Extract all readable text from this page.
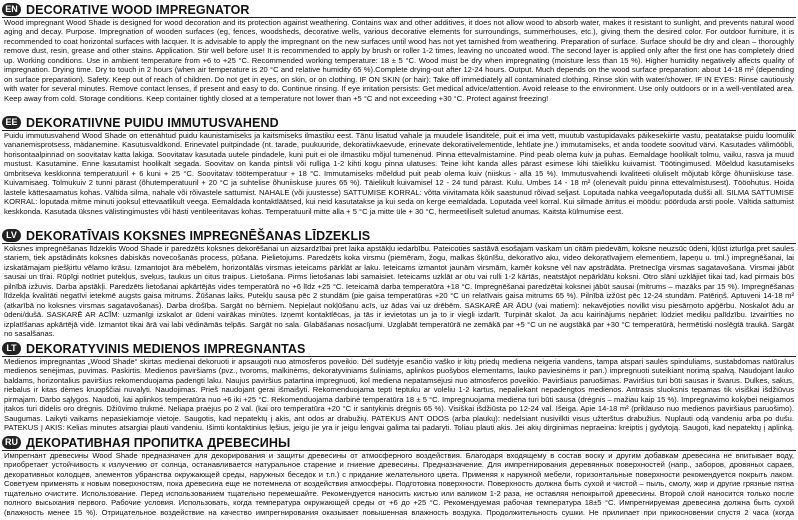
EN DECORATIVE WOOD IMPREGNATOR
Wood impregnant Wood Shade is designed for wood decoration and its protection against weathering. Contains wax and other additives, it does not allow wood to absorb water, makes it resistant to sunlight, and prevents natural wood aging and decay. Purpose. Impregnation of wooden surfaces (eg, fences, woodsheds, decorative wells, various decorative elements for surroundings, summerhouses, etc.), giving them the desired color. For outdoor furniture, it is recommended to coat horizontal surfaces with lacquer. It is advisable to apply the impregnant on the new surfaces until wood has not yet tarnished from weathering. Preparation of surface. Surface should be dry and clean – thoroughly remove dust, resin, grease and other stains. Application. Stir well before use! It is recommended to apply by brush or roller 1-2 times, leaving no uncoated wood. The second layer is applied only after the first one has completely dried up. Working conditions. Use in ambient temperature from +6 to +25 °C. Recommended working temperature: 18 ± 5 °C. Wood must be dry when impregnating (moisture less than 15 %). Higher humidity negatively affects quality of impregnation. Drying time. Dry to touch in 2 hours (when air temperature is 20 °C and relative humidity 65 %).Complete drying-out after 12-24 hours. Output. Much depends on the wood surface preparation: about 14-18 m² (depending on surface preparation). Safety. Keep out of reach of children. Do not get in eyes, on skin, or on clothing. IF ON SKIN (or hair): Take off immediately all contaminated clothing. Rinse skin with water/shower. IF IN EYES: Rinse cautiously with water for several minutes. Remove contact lenses, if present and easy to do. Continue rinsing. If eye irritation persists: Get medical advice/attention. Avoid release to the environment. Use only outdoors or in a well-ventilated area. Keep away from cold. Storage conditions. Keep container tightly closed at a temperature not lower than +5 °C and not exceeding +30 °C. Protect against freezing!
EE DEKORATIIVNE PUIDU IMMUTUSVAHEND
Puidu immutusvahend Wood Shade on ettenähtud puidu kaunistamiseks ja kaitsmiseks ilmastiku eest. Tänu lisatud vahale ja muudele lisanditele, puit ei ima vett, muutub vastupidavaks päikesekiirte vastu, peatatakse puidu loomulik vananemisprotsess, mädanemine. Kasutusvaldkond. Erinevatel puitpindade (nt. tarade, puukuuride, dekoratiivkaevude, erinevate dekoratiivelementide, lehtlate jne.) immutamiseks, et anda toodete soovitud värvi. Kasutades välimööbli, horisontaalpinnad on soovitatav katta lakiga. Soovitatav kasutada uutele pindadele, kuni puit ei ole ilmastiku mõjul tumenenud. Pinna ettevalmistamine. Pind peab olema kuiv ja puhas. Eemaldage hoolikalt tolmu, vaiku, rasva ja muud mustust. Kasutamine. Enne kasutamist hoolikalt segada. Soovitav on kanda pintsli või rulliga 1-2 kihti kogu pinna ulatuses. Teine kiht kanda alles pärast esimese kihi täielikku kuivamist. Töötingimused. Mõeldud kasutamiseks ümbritseva keskkonna temperatuuril + 6 kuni + 25 °C. Soovitatav töötemperatuur + 18 °C. Immutamiseks mõeldud puit peab olema kuiv (niiskus - alla 15 %). Immutusvahendi kvaliteeti oluliselt mõjutab kõrge õhuniiskuse tase. Kuivamisaeg. Tolmukuiv 2 tunni pärast (õhutemperatuuril + 20 °C ja suhtelise õhuniiskuse juures 65 %). Täielikult kuivamisel 12 - 24 tund pärast. Kulu. Umbes 14 - 18 m² (olenevalt puidu pinna ettevalmistusest). Tööohutus. Hoida lastele kättesaamatus kohas. Vältida silma, nahale või rõivastele sattumist. NAHALE (või juustesse) SATTUMISE KORRAL: võtta viivitamata kõik saastunud rõivad seljast. Loputada nahka veega/loputada dušši all. SILMA SATTUMISE KORRAL: loputada mitme minuti jooksul ettevaatlikult veega. Eemaldada kontaktläätsed, kui neid kasutatakse ja kui seda on kerge eemaldada. Loputada veel korral. Kui silmade ärritus ei möödu: pöörduda arsti poole. Vältida sattumist keskkonda. Kasutada üksnes välistingimustes või hästi ventileeritavas kohas. Temperatuuril mitte alla + 5 °C ja mitte üle + 30 °C, hermeetiliselt suletud anumas. Kaitsta külmumise eest.
LV DEKORATĪVAIS KOKSNES IMPREGNĒŠANAS LĪDZEKLIS
Koksnes impregnēšanas līdzeklis Wood Shade ir paredzēts koksnes dekorēšanai un aizsardzībai pret laika apstākļu iedarbību. Pateicoties sastāvā esošajam vaskam un citām piedevām, koksne neuzsūc ūdeni, kļūst izturīga pret saules stariem, tiek apstādināts koksnes dabiskās novecošanās process, pūšana. Pielietojums. Paredzēts koka virsmu (piemēram, žogu, malkas šķūnīšu, dekoratīvo aku, video dekoratīvajiem elementiem, lapeņu u. tml.) impregnēšanai, lai izskatāmajam piešķirtu vēlamo krāsu. Izmantojot āra mēbelēm, horizontālās virsmas ieteicams pārklāt ar laku. Ieteicams izmantot jaunām virsmām, kamēr koksne vēl nav apstrādāta. Pretnecīga virsmas sagatavošana. Virsmai jābūt sausai un tīrai. Rūpīgi notīriet putekļus, sveķus, taukus un citus traipus. Lietošana. Pirms lietošanas labi samaisiet. Ieteicams uzklāt ar otu vai rulli 1-2 kārtās, neatstājot nepārklātu koksni. Otro slāni uzklājiet tikai tad, kad pirmais būs pilnībā izžuvis. Darba apstākļi. Paredzēts lietošanai apkārtējās vides temperatūrā no +6 līdz +25 °C. Ieteicamā darba temperatūra +18 °C. Impregnēšanai paredzētai koksnei jābūt sausai (mitrums – mazāks par 15 %). Impregnēšanas līdzekļa kvalitāti negatīvi ietekmē augsts gaisa mitrums. Žūšanas laiks. Putekļu sausa pēc 2 stundām (pie gaisa temperatūras +20 °C un relatīvais gaisa mitrums 65 %). Pilnībā izžūst pēc 12-24 stundām. Patēriņš. Aptuveni 14-18 m² (atkarībā no koksnes virsmas sagatavošanas). Darba drošība. Sargāt no bērniem. Nepieļaut nokļūšanu acīs, uz ādas vai uz drēbēm. SASKARĒ AR ĀDU (vai matiem): nekavējoties novilkt visu piesārņoto apģērbu. Noskalot ādu ar ūdeni/dušā. SASKARĒ AR ACĪM: uzmanīgi izskalot ar ūdeni vairākas minūtes. Izņemt kontaktlēcas, ja tās ir ievietotas un ja to ir viegli izdarīt. Turpināt skalot. Ja acu kairinājums nepāriet: lūdziet mediķu palīdzību. Izvairīties no izplatīšanas apkārtējā vidē. Izmantot tikai ārā vai labi vēdināmās telpās. Sargāt no sala. Glabāšanas nosacījumi. Uzglabāt temperatūrā ne zemākā par +5 °C un ne augstākā par +30 °C temperatūrā, hermētiski noslēgtā traukā. Sargāt no sasalšanas.
LT DEKORATYVINIS MEDIENOS IMPREGNANTAS
Medienos impregnantas „Wood Shade“ skirtas medienai dekoruoti ir apsaugoti nuo atmosferos poveikio. Dėl sudėtyje esančio vaško ir kitų priedų mediena neigeria vandens, tampa atspari saulės spinduliams, sustabdomas natūralus medienos senėjimas, puvimas. Paskirtis. Medienos paviršiams (pvz., tvoroms, malkinėms, dekoratyviniams šuliniams, aplinkos puošybos elementams, lauko paviesinėms ir pan.) impregnuoti suteikiant norimą spalvą. Naudojant lauko baldams, horizontalius paviršius rekomenduojama padengti laku. Naujus paviršius patartina impregnuoti, kol mediena nepatamsėjusi nuo atmosferos poveikio. Paviršiaus paruošimas. Paviršius turi būti sausas ir švarus. Dulkes, sakus, riebalus ir kitas dėmes kruopščiai nuvalyti. Naudojimas. Prieš naudojant gerai išmaišyti. Rekomenduojama tepti teptuku ar voleliu 1-2 kartus, nepaliekant nepadengtos medienos. Antrasis sluoksnis tepamas tik visiškai išdžiūvus pirmajam. Darbo sąlygos. Naudoti, kai aplinkos temperatūra nuo +6 iki +25 °C. Rekomenduojama darbinė temperatūra 18 ± 5 °C. Impregnuojama mediena turi būti sausa (drėgnis – mažiau kaip 15 %). Impregnavimo kokybei neigiamos įtakos turi didelis oro drėgnis. Džiūvimo trukmė. Neliapa praėjus po 2 val. (kai oro temperatūra +20 °C ir santykinis drėgnis 65 %). Visiškai išdžiūsta po 12-24 val. Išeiga. Apie 14-18 m² (priklauso nuo medienos paviršiaus paruošimo). Saugumas. Laikyti vaikams nepasiekiamoje vietoje. Saugotis, kad nepatektų į akis, ant odos ar drabužių. PATEKUS ANT ODOS (arba plaukų): nedelsiant nusivilkti visus užterštus drabužius. Nuplauti odą vandeniu arba po dušu. PATEKUS Į AKIS: Kelias minutes atsargiai plauti vandeniu. Išimti kontaktinius lęšius, jeigu jie yra ir jeigu lengvai galima tai padaryti. Toliau plauti akis. Jei akių dirginimas nepraeina: kreiptis į gydytoją. Saugoti, kad nepatektų į aplinką.
RU ДЕКОРАТИВНАЯ ПРОПИТКА ДРЕВЕСИНЫ
Импрегнант древесины Wood Shade предназначен для декорирования и защиты древесины от атмосферного воздействия. Благодаря входящему в состав воску и другим добавкам древесина не впитывает воду, приобретает устойчивость к излучению от солнца, останавливается натуральное старение и гниение древесины. Предназначение. Для импрегнирования деревянных поверхностей (напр., заборов, дровяных сараев, декоративных колодцев, элементов убранства окружающей среды, наружных беседок и т.п.) с придание желательного цвета. Применяя к наружной мебели, горизонтальные поверхности рекомендуется покрыть лаком. Советуем применять к новым поверхностям, пока древесина еще не потемнела от воздействия атмосферы. Подготовка поверхности. Поверхность должна быть сухой и чистой – пыль, смолу, жир и другие грязные пятна тщательно очистите. Использование. Перед использованием тщательно перемешайте. Рекомендуется наносить кистью или валиком 1-2 раза, не оставляя непокрытой древесины. Второй слой наносится только после полного высыхания первого. Рабочие условия. Использовать, когда температура окружающей среды от +6 до +25 °C. Рекомендуемая рабочая температура 18±5 °C. Импрегнируемая древесина должна быть сухой (влажность менее 15 %). Отрицательное воздействие на качество импрегнирования оказывает повышенная влажность воздуха. Продолжительность сушки. Не прилипает при прикосновении спустя 2 часа (когда
